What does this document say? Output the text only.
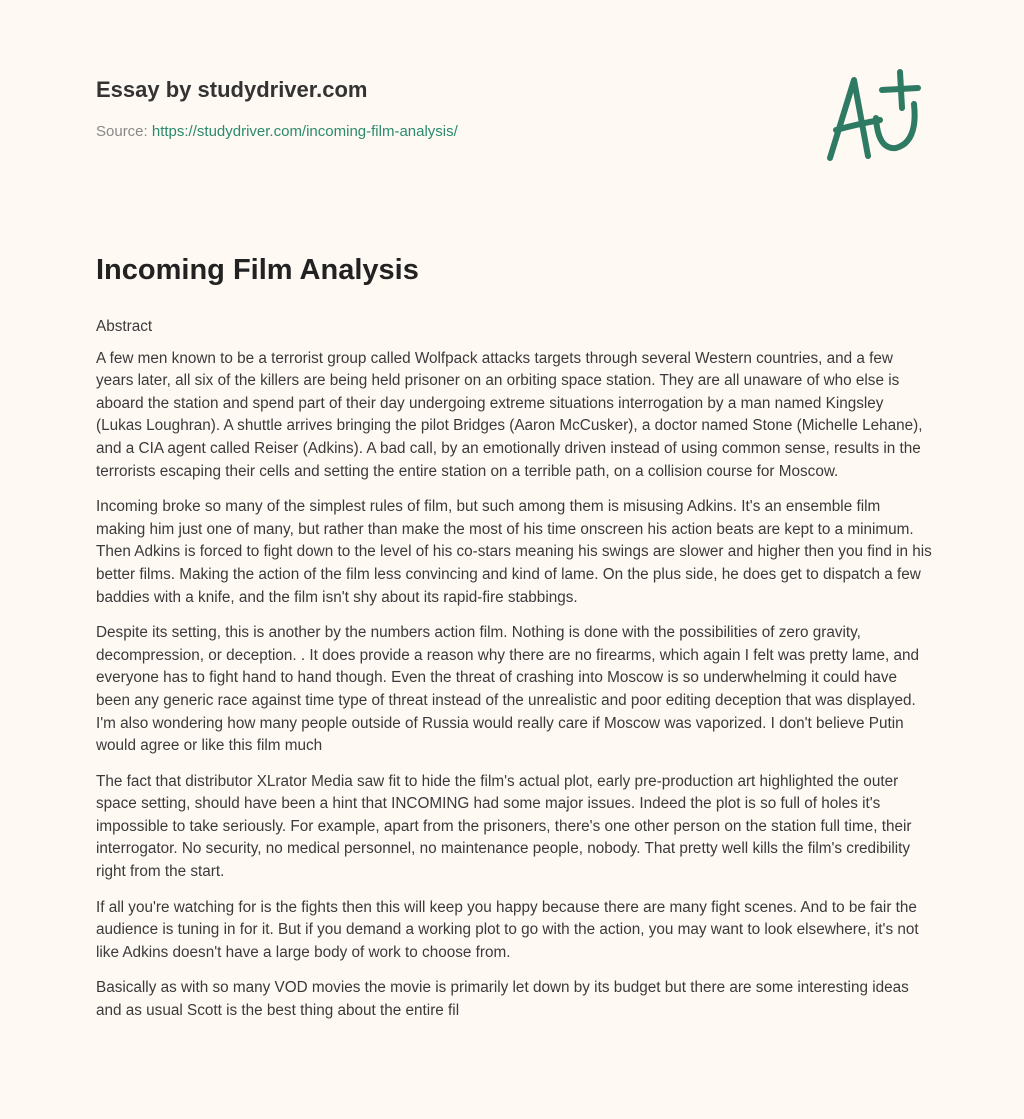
Essay by studydriver.com
Source: https://studydriver.com/incoming-film-analysis/
Incoming Film Analysis

Abstract

A few men known to be a terrorist group called Wolfpack attacks targets through several Western countries, and a few years later, all six of the killers are being held prisoner on an orbiting space station. They are all unaware of who else is aboard the station and spend part of their day undergoing extreme situations interrogation by a man named Kingsley (Lukas Loughran). A shuttle arrives bringing the pilot Bridges (Aaron McCusker), a doctor named Stone (Michelle Lehane), and a CIA agent called Reiser (Adkins). A bad call, by an emotionally driven instead of using common sense, results in the terrorists escaping their cells and setting the entire station on a terrible path, on a collision course for Moscow.

Incoming broke so many of the simplest rules of film, but such among them is misusing Adkins. It's an ensemble film making him just one of many, but rather than make the most of his time onscreen his action beats are kept to a minimum. Then Adkins is forced to fight down to the level of his co-stars meaning his swings are slower and higher then you find in his better films. Making the action of the film less convincing and kind of lame. On the plus side, he does get to dispatch a few baddies with a knife, and the film isn't shy about its rapid-fire stabbings.

Despite its setting, this is another by the numbers action film. Nothing is done with the possibilities of zero gravity, decompression, or deception. . It does provide a reason why there are no firearms, which again I felt was pretty lame, and everyone has to fight hand to hand though. Even the threat of crashing into Moscow is so underwhelming it could have been any generic race against time type of threat instead of the unrealistic and poor editing deception that was displayed. I'm also wondering how many people outside of Russia would really care if Moscow was vaporized. I don't believe Putin would agree or like this film much

The fact that distributor XLrator Media saw fit to hide the film's actual plot, early pre-production art highlighted the outer space setting, should have been a hint that INCOMING had some major issues. Indeed the plot is so full of holes it's impossible to take seriously. For example, apart from the prisoners, there's one other person on the station full time, their interrogator. No security, no medical personnel, no maintenance people, nobody. That pretty well kills the film's credibility right from the start.

If all you're watching for is the fights then this will keep you happy because there are many fight scenes. And to be fair the audience is tuning in for it. But if you demand a working plot to go with the action, you may want to look elsewhere, it's not like Adkins doesn't have a large body of work to choose from.

Basically as with so many VOD movies the movie is primarily let down by its budget but there are some interesting ideas and as usual Scott is the best thing about the entire fil
